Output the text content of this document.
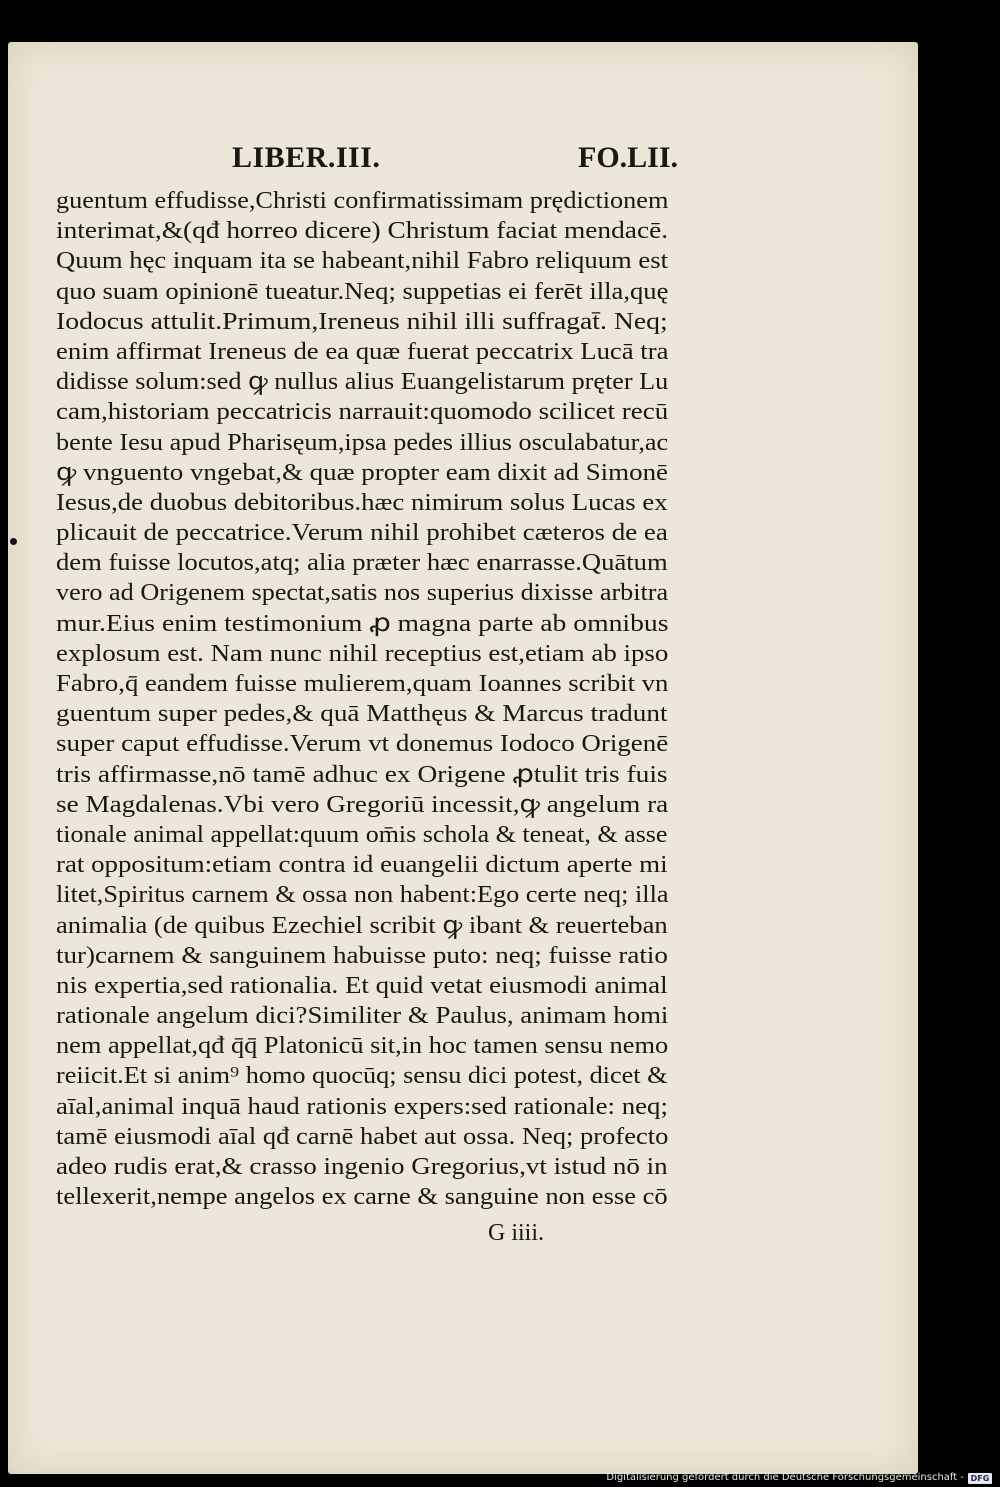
LIBER.III.	FO.LII.
guentum effudisse,Christi confirmatissimam prędictionem
interimat,&(qđ horreo dicere) Christum faciat mendacē.
Quum hęc inquam ita se habeant,nihil Fabro reliquum est
quo suam opinionē tueatur.Neq; suppetias ei ferēt illa,quę
Iodocus attulit.Primum,Ireneus nihil illi suffragat̄. Neq;
enim affirmat Ireneus de ea quæ fuerat peccatrix Lucā tra
didisse solum:sed ꝙ nullus alius Euangelistarum pręter Lu
cam,historiam peccatricis narrauit:quomodo scilicet recū
bente Iesu apud Pharisęum,ipsa pedes illius osculabatur,ac
ꝙ vnguento vngebat,& quæ propter eam dixit ad Simonē
Iesus,de duobus debitoribus.hæc nimirum solus Lucas ex
plicauit de peccatrice.Verum nihil prohibet cæteros de ea
dem fuisse locutos,atq; alia præter hæc enarrasse.Quātum
vero ad Origenem spectat,satis nos superius dixisse arbitra
mur.Eius enim testimonium ꝓ magna parte ab omnibus
explosum est. Nam nunc nihil receptius est,etiam ab ipso
Fabro,q̄ eandem fuisse mulierem,quam Ioannes scribit vn
guentum super pedes,& quā Matthęus & Marcus tradunt
super caput effudisse.Verum vt donemus Iodoco Origenē
tris affirmasse,nō tamē adhuc ex Origene ꝓtulit tris fuis
se Magdalenas.Vbi vero Gregoriū incessit,ꝙ angelum ra
tionale animal appellat:quum om̄is schola & teneat, & asse
rat oppositum:etiam contra id euangelii dictum aperte mi
litet,Spiritus carnem & ossa non habent:Ego certe neq; illa
animalia (de quibus Ezechiel scribit ꝙ ibant & reuerteban
tur)carnem & sanguinem habuisse puto: neq; fuisse ratio
nis expertia,sed rationalia. Et quid vetat eiusmodi animal
rationale angelum dici?Similiter & Paulus, animam homi
nem appellat,qđ q̄q̄ Platonicū sit,in hoc tamen sensu nemo
reiicit.Et si anim⁹ homo quocūq; sensu dici potest, dicet &
aīal,animal inquā haud rationis expers:sed rationale: neq;
tamē eiusmodi aīal qđ carnē habet aut ossa. Neq; profecto
adeo rudis erat,& crasso ingenio Gregorius,vt istud nō in
tellexerit,nempe angelos ex carne & sanguine non esse cō
G iiii.
Digitalisierung gefördert durch die Deutsche Forschungsgemeinschaft - DFG
